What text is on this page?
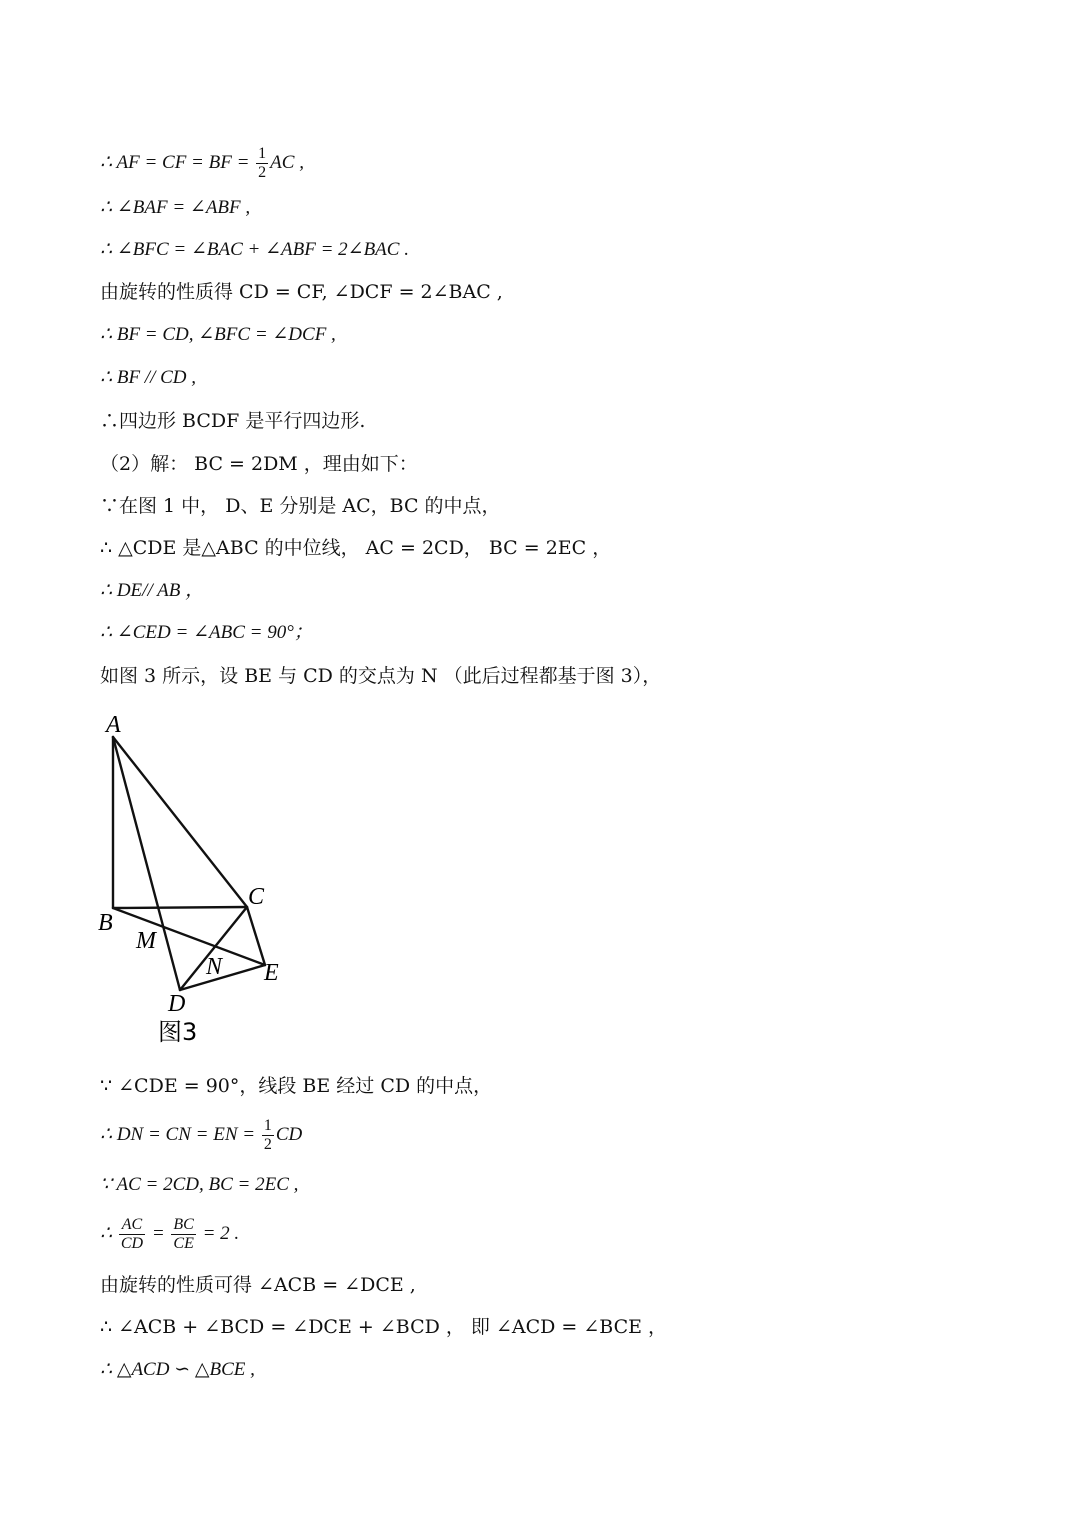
∴ AF = CF = BF = $\frac{1}{2}$ AC ,
∴ ∠BAF = ∠ABF ,
∴ ∠BFC = ∠BAC + ∠ABF = 2∠BAC .
由旋转的性质得 CD = CF, ∠DCF = 2∠BAC ,
∴ BF = CD, ∠BFC = ∠DCF ,
∴ BF // CD ,
∴四边形 BCDF 是平行四边形.
（2）解： BC = 2DM ，理由如下：
∵在图 1 中， D、E 分别是 AC，BC 的中点，
∴ △CDE 是△ABC 的中位线， AC = 2CD， BC = 2EC ，
∴ DE// AB ，
∴ ∠CED = ∠ABC = 90°；
如图 3 所示，设 BE 与 CD 的交点为 N （此后过程都基于图 3），
A
B
C
M
N E
D
图3
∵ ∠CDE = 90°，线段 BE 经过 CD 的中点，
∴ DN = CN = EN = $\frac{1}{2}$ CD
∵ AC = 2CD, BC = 2EC ,
∴ $\frac{AC}{CD} = \frac{BC}{CE} = 2$ .
由旋转的性质可得 ∠ACB = ∠DCE ,
∴ ∠ACB + ∠BCD = ∠DCE + ∠BCD ， 即 ∠ACD = ∠BCE ，
∴ △ACD ∽ △BCE ,
